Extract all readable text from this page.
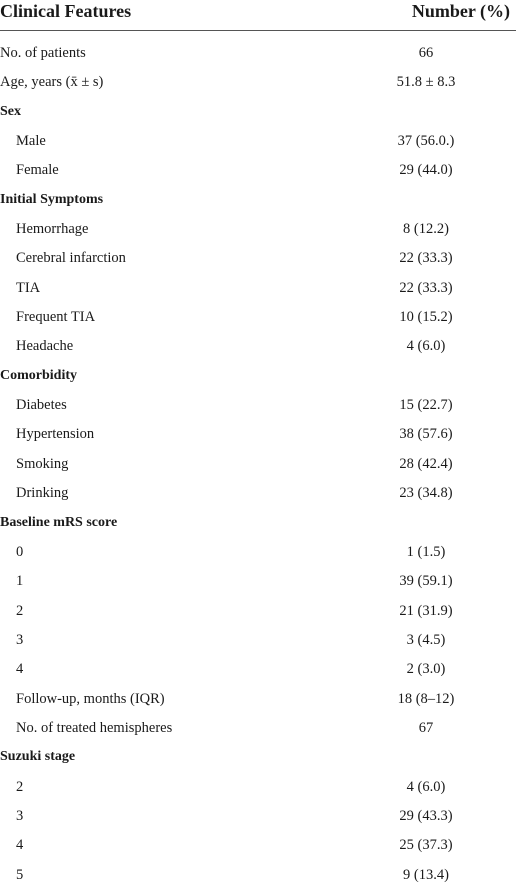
Clinical Features	Number (%)
No. of patients	66
Age, years (x̄ ± s)	51.8 ± 8.3
Sex
Male	37 (56.0.)
Female	29 (44.0)
Initial Symptoms
Hemorrhage	8 (12.2)
Cerebral infarction	22 (33.3)
TIA	22 (33.3)
Frequent TIA	10 (15.2)
Headache	4 (6.0)
Comorbidity
Diabetes	15 (22.7)
Hypertension	38 (57.6)
Smoking	28 (42.4)
Drinking	23 (34.8)
Baseline mRS score
0	1 (1.5)
1	39 (59.1)
2	21 (31.9)
3	3 (4.5)
4	2 (3.0)
Follow-up, months (IQR)	18 (8–12)
No. of treated hemispheres	67
Suzuki stage
2	4 (6.0)
3	29 (43.3)
4	25 (37.3)
5	9 (13.4)
